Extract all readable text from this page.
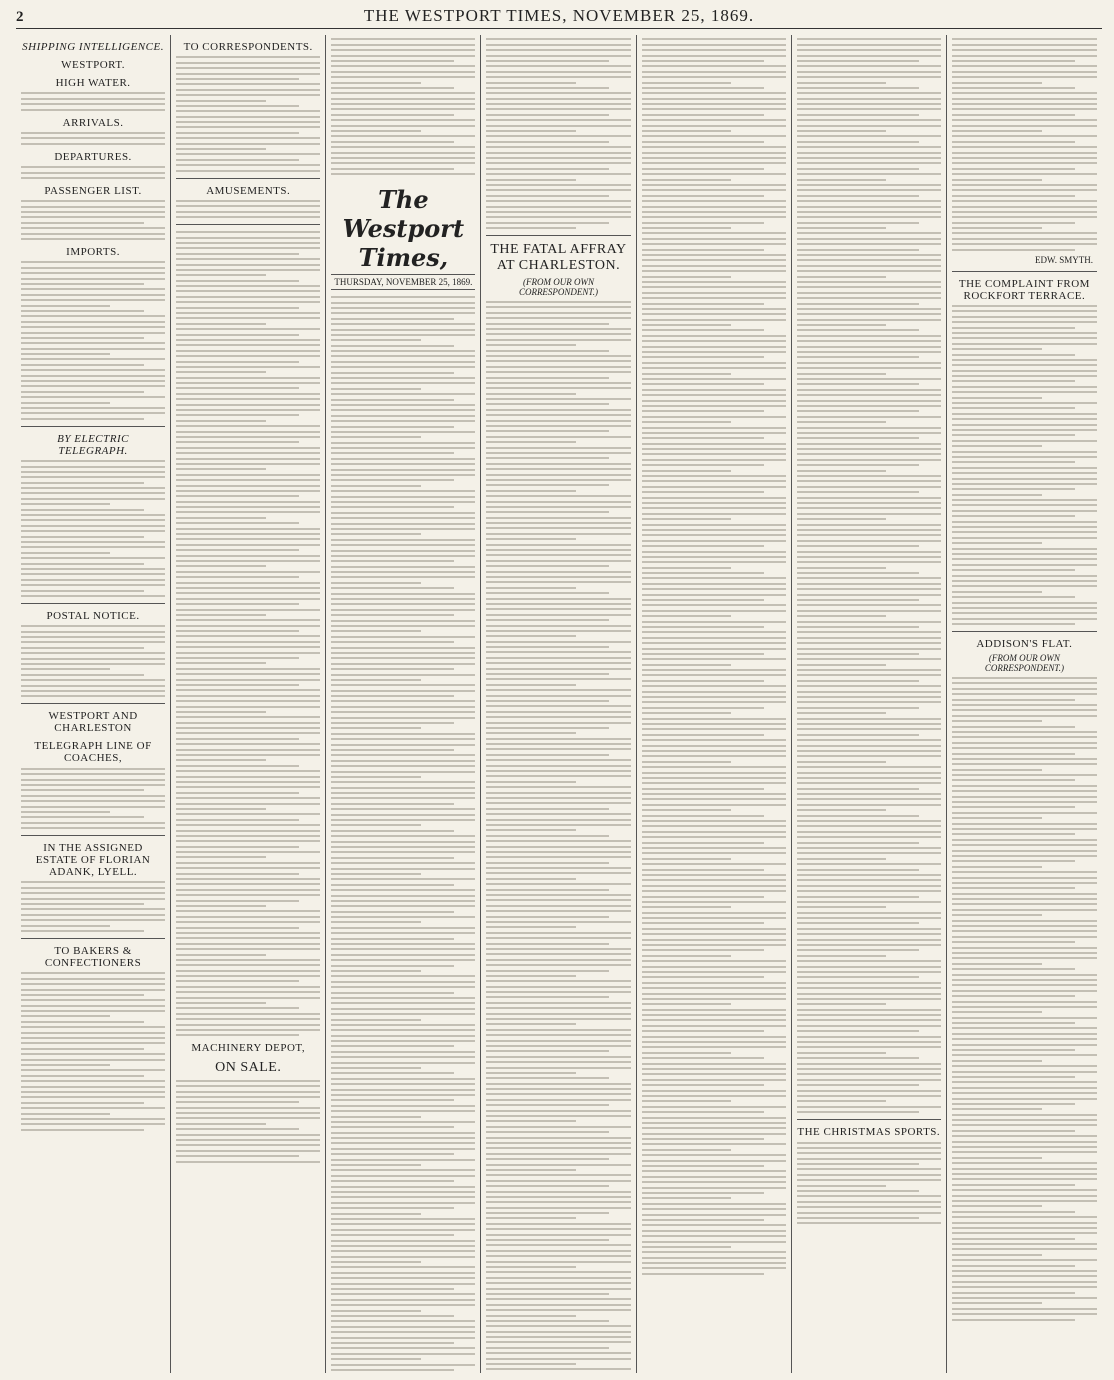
2	THE WESTPORT TIMES, NOVEMBER 25, 1869.
SHIPPING INTELLIGENCE.
WESTPORT.
HIGH WATER.
ARRIVALS.
DEPARTURES.
PASSENGER LIST.
IMPORTS.
BY ELECTRIC TELEGRAPH.
POSTAL NOTICE.
WESTPORT AND CHARLESTON
TELEGRAPH LINE OF COACHES,
IN THE ASSIGNED ESTATE OF FLORIAN ADANK, LYELL.
TO BAKERS & CONFECTIONERS
TO CORRESPONDENTS.
AMUSEMENTS.
MACHINERY DEPOT,
ON SALE.
The Westport Times,
THURSDAY, NOVEMBER 25, 1869.
THE FATAL AFFRAY AT CHARLESTON.
(FROM OUR OWN CORRESPONDENT.)
THE CHRISTMAS SPORTS.
EDW. SMYTH.
THE COMPLAINT FROM ROCKFORT TERRACE.
ADDISON'S FLAT.
(FROM OUR OWN CORRESPONDENT.)
